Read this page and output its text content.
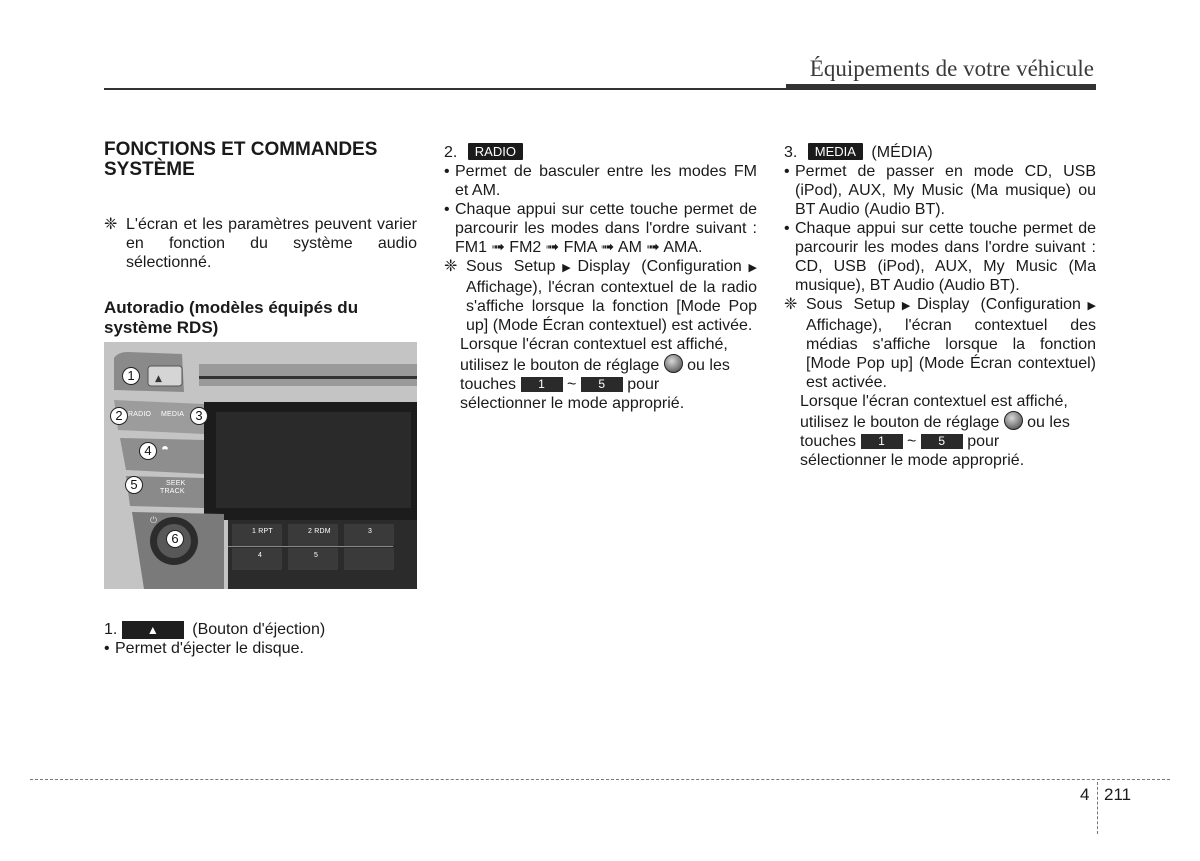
Équipements de votre véhicule

FONCTIONS ET COMMANDES
SYSTÈME

❈ L'écran et les paramètres peuvent varier en fonction du système audio sélectionné.

Autoradio (modèles équipés du
système RDS)

▲
⏻
RADIO MEDIA
SEEK
TRACK
1 RPT	2 RDM	3
4	5
1
2	3
4
5
6
1. ▲ (Bouton d'éjection)
• Permet d'éjecter le disque.
2. RADIO
• Permet de basculer entre les modes FM et AM.
• Chaque appui sur cette touche permet de parcourir les modes dans l'ordre suivant : FM1 ➟ FM2 ➟ FMA ➟ AM ➟ AMA.
❈ Sous Setup▶Display (Configuration▶ Affichage), l'écran contextuel de la radio s'affiche lorsque la fonction [Mode Pop up] (Mode Écran contextuel) est activée.
Lorsque l'écran contextuel est affiché,
utilisez le bouton de réglage ou les
touches 1 ~ 5 pour
sélectionner le mode approprié.
3. MEDIA (MÉDIA)
• Permet de passer en mode CD, USB (iPod), AUX, My Music (Ma musique) ou BT Audio (Audio BT).
• Chaque appui sur cette touche permet de parcourir les modes dans l'ordre suivant : CD, USB (iPod), AUX, My Music (Ma musique), BT Audio (Audio BT).
❈ Sous Setup▶Display (Configuration▶ Affichage), l'écran contextuel des médias s'affiche lorsque la fonction [Mode Pop up] (Mode Écran contextuel) est activée.
Lorsque l'écran contextuel est affiché,
utilisez le bouton de réglage ou les
touches 1 ~ 5 pour
sélectionner le mode approprié.
4 211
